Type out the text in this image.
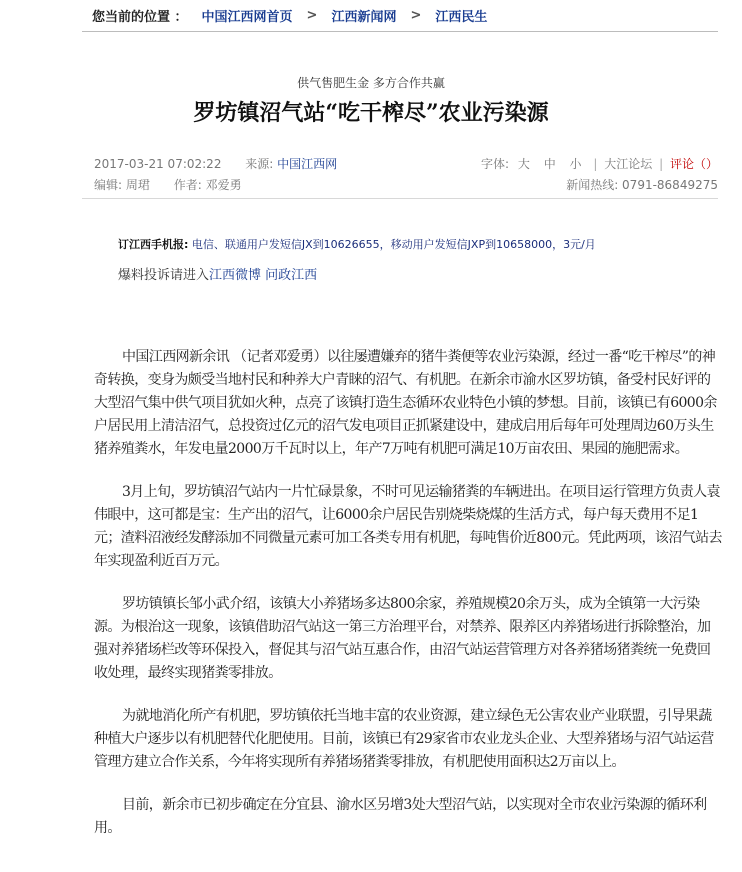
您当前的位置 ： 中国江西网首页 > 江西新闻网 > 江西民生
供气售肥生金 多方合作共赢
罗坊镇沼气站“吃干榨尽”农业污染源
2017-03-21 07:02:22 来源: 中国江西网	字体: 大 中 小 | 大江论坛 | 评论（）
编辑: 周珺 作者: 邓爱勇	新闻热线: 0791-86849275
订江西手机报: 电信、联通用户发短信JX到10626655，移动用户发短信JXP到10658000，3元/月
爆料投诉请进入江西微博 问政江西

中国江西网新余讯 （记者邓爱勇）以往屡遭嫌弃的猪牛粪便等农业污染源，经过一番“吃干榨尽”的神奇转换，变身为颇受当地村民和种养大户青睐的沼气、有机肥。在新余市渝水区罗坊镇，备受村民好评的大型沼气集中供气项目犹如火种，点亮了该镇打造生态循环农业特色小镇的梦想。目前，该镇已有6000余户居民用上清洁沼气，总投资过亿元的沼气发电项目正抓紧建设中，建成启用后每年可处理周边60万头生猪养殖粪水，年发电量2000万千瓦时以上，年产7万吨有机肥可满足10万亩农田、果园的施肥需求。

3月上旬，罗坊镇沼气站内一片忙碌景象，不时可见运输猪粪的车辆进出。在项目运行管理方负责人袁伟眼中，这可都是宝：生产出的沼气，让6000余户居民告别烧柴烧煤的生活方式，每户每天费用不足1元；渣料沼液经发酵添加不同微量元素可加工各类专用有机肥，每吨售价近800元。凭此两项，该沼气站去年实现盈利近百万元。

罗坊镇镇长邹小武介绍，该镇大小养猪场多达800余家，养殖规模20余万头，成为全镇第一大污染源。为根治这一现象，该镇借助沼气站这一第三方治理平台，对禁养、限养区内养猪场进行拆除整治，加强对养猪场栏改等环保投入，督促其与沼气站互惠合作，由沼气站运营管理方对各养猪场猪粪统一免费回收处理，最终实现猪粪零排放。

为就地消化所产有机肥，罗坊镇依托当地丰富的农业资源，建立绿色无公害农业产业联盟，引导果蔬种植大户逐步以有机肥替代化肥使用。目前，该镇已有29家省市农业龙头企业、大型养猪场与沼气站运营管理方建立合作关系，今年将实现所有养猪场猪粪零排放，有机肥使用面积达2万亩以上。

目前，新余市已初步确定在分宜县、渝水区另增3处大型沼气站，以实现对全市农业污染源的循环利用。
